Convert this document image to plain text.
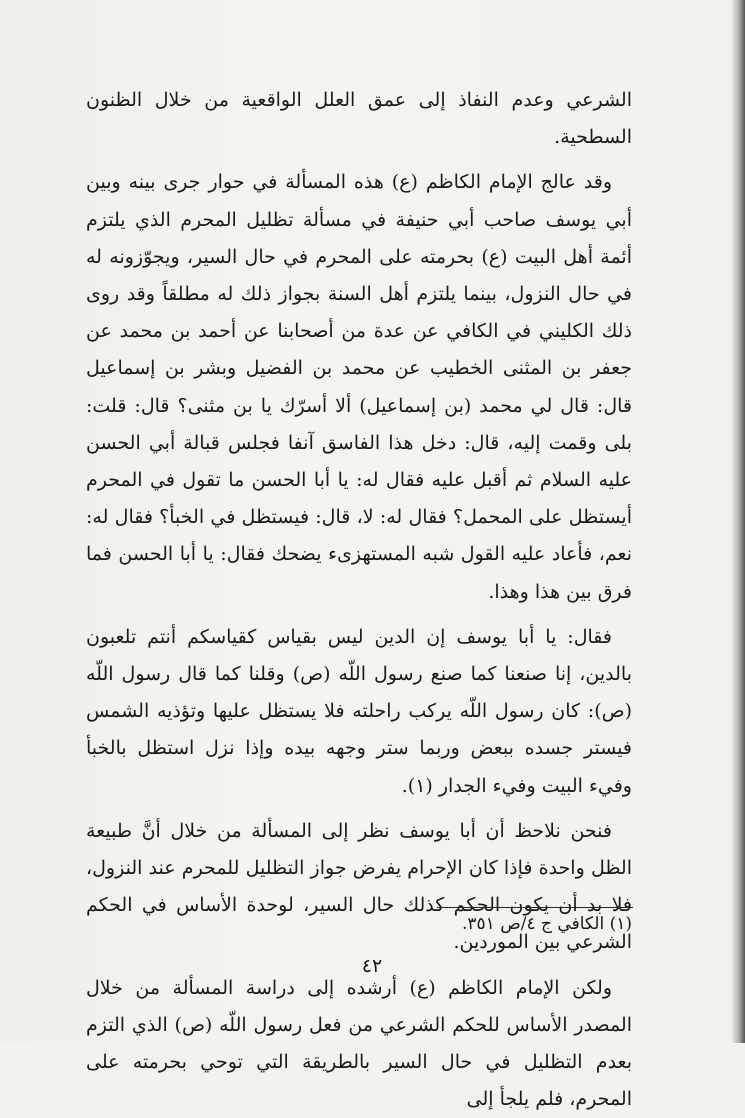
الشرعي وعدم النفاذ إلى عمق العلل الواقعية من خلال الظنون السطحية.

وقد عالج الإمام الكاظم (ع) هذه المسألة في حوار جرى بينه وبين أبي يوسف صاحب أبي حنيفة في مسألة تظليل المحرم الذي يلتزم أئمة أهل البيت (ع) بحرمته على المحرم في حال السير، ويجوّزونه له في حال النزول، بينما يلتزم أهل السنة بجواز ذلك له مطلقاً وقد روى ذلك الكليني في الكافي عن عدة من أصحابنا عن أحمد بن محمد عن جعفر بن المثنى الخطيب عن محمد بن الفضيل وبشر بن إسماعيل قال: قال لي محمد (بن إسماعيل) ألا أسرّك يا بن مثنى؟ قال: قلت: بلى وقمت إليه، قال: دخل هذا الفاسق آنفا فجلس قبالة أبي الحسن عليه السلام ثم أقبل عليه فقال له: يا أبا الحسن ما تقول في المحرم أيستظل على المحمل؟ فقال له: لا، قال: فيستظل في الخبأ؟ فقال له: نعم، فأعاد عليه القول شبه المستهزىء يضحك فقال: يا أبا الحسن فما فرق بين هذا وهذا.

فقال: يا أبا يوسف إن الدين ليس بقياس كقياسكم أنتم تلعبون بالدين، إنا صنعنا كما صنع رسول اللّه (ص) وقلنا كما قال رسول اللّه (ص): كان رسول اللّه يركب راحلته فلا يستظل عليها وتؤذيه الشمس فيستر جسده ببعض وربما ستر وجهه بيده وإذا نزل استظل بالخبأ وفيء البيت وفيء الجدار (١).

فنحن نلاحظ أن أبا يوسف نظر إلى المسألة من خلال أنَّ طبيعة الظل واحدة فإذا كان الإحرام يفرض جواز التظليل للمحرم عند النزول، فلا بد أن يكون الحكم كذلك حال السير، لوحدة الأساس في الحكم الشرعي بين الموردين.

ولكن الإمام الكاظم (ع) أرشده إلى دراسة المسألة من خلال المصدر الأساس للحكم الشرعي من فعل رسول اللّه (ص) الذي التزم بعدم التظليل في حال السير بالطريقة التي توحي بحرمته على المحرم، فلم يلجأ إلى

(١) الكافي ج ٤/ص ٣٥١.
٤٢
